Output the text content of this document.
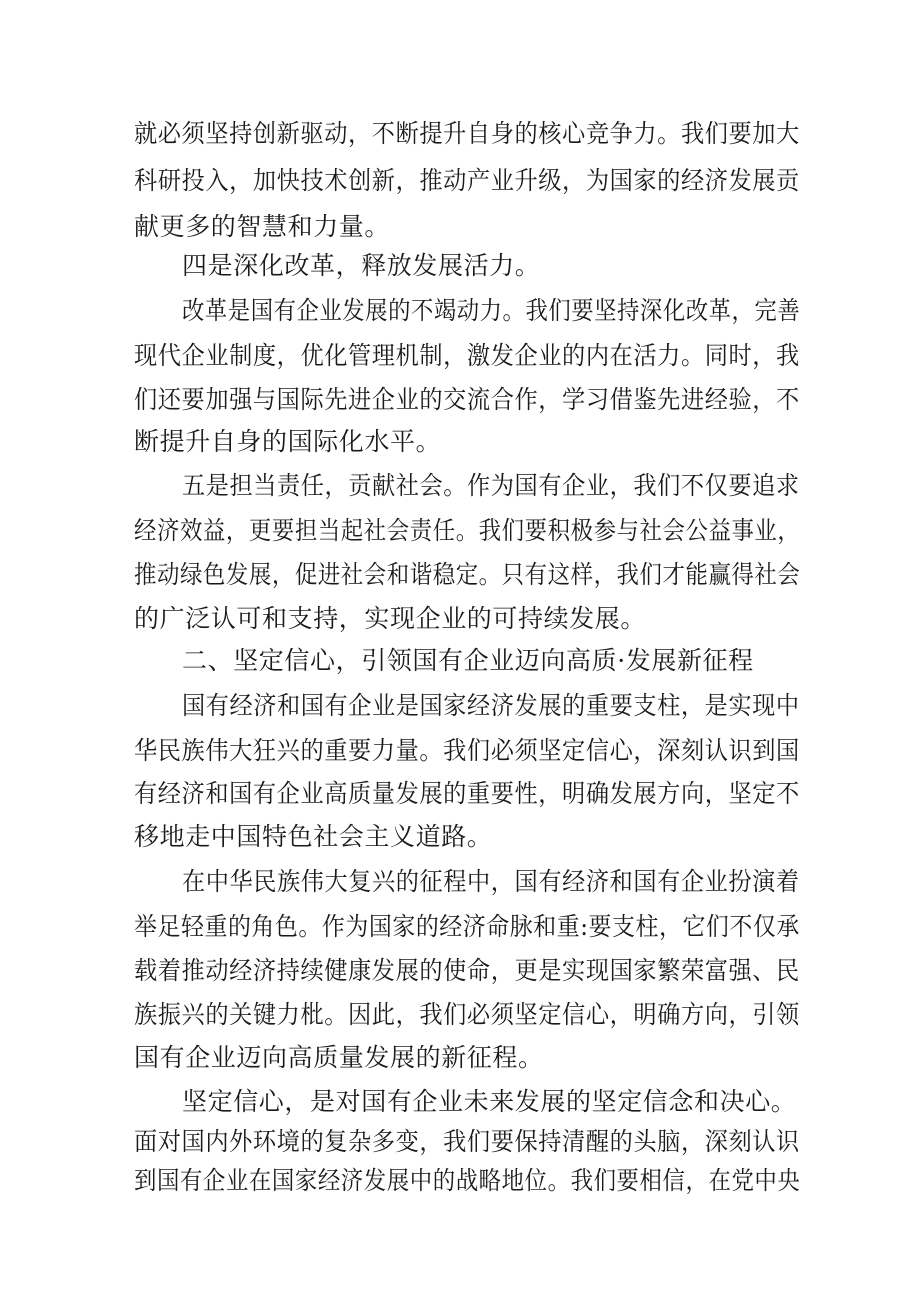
就必须坚持创新驱动，不断提升自身的核心竞争力。我们要加大
科研投入，加快技术创新，推动产业升级，为国家的经济发展贡
献更多的智慧和力量。
四是深化改革，释放发展活力。
改革是国有企业发展的不竭动力。我们要坚持深化改革，完善
现代企业制度，优化管理机制，激发企业的内在活力。同时，我
们还要加强与国际先进企业的交流合作，学习借鉴先进经验，不
断提升自身的国际化水平。
五是担当责任，贡献社会。作为国有企业，我们不仅要追求
经济效益，更要担当起社会责任。我们要积极参与社会公益事业，
推动绿色发展，促进社会和谐稳定。只有这样，我们才能赢得社会
的广泛认可和支持，实现企业的可持续发展。
二、坚定信心，引领国有企业迈向高质·发展新征程
国有经济和国有企业是国家经济发展的重要支柱，是实现中
华民族伟大狂兴的重要力量。我们必须坚定信心，深刻认识到国
有经济和国有企业高质量发展的重要性，明确发展方向，坚定不
移地走中国特色社会主义道路。
在中华民族伟大复兴的征程中，国有经济和国有企业扮演着
举足轻重的角色。作为国家的经济命脉和重:要支柱，它们不仅承
载着推动经济持续健康发展的使命，更是实现国家繁荣富强、民
族振兴的关键力枇。因此，我们必须坚定信心，明确方向，引领
国有企业迈向高质量发展的新征程。
坚定信心，是对国有企业未来发展的坚定信念和决心。
面对国内外环境的复杂多变，我们要保持清醒的头脑，深刻认识
到国有企业在国家经济发展中的战略地位。我们要相信，在党中央
